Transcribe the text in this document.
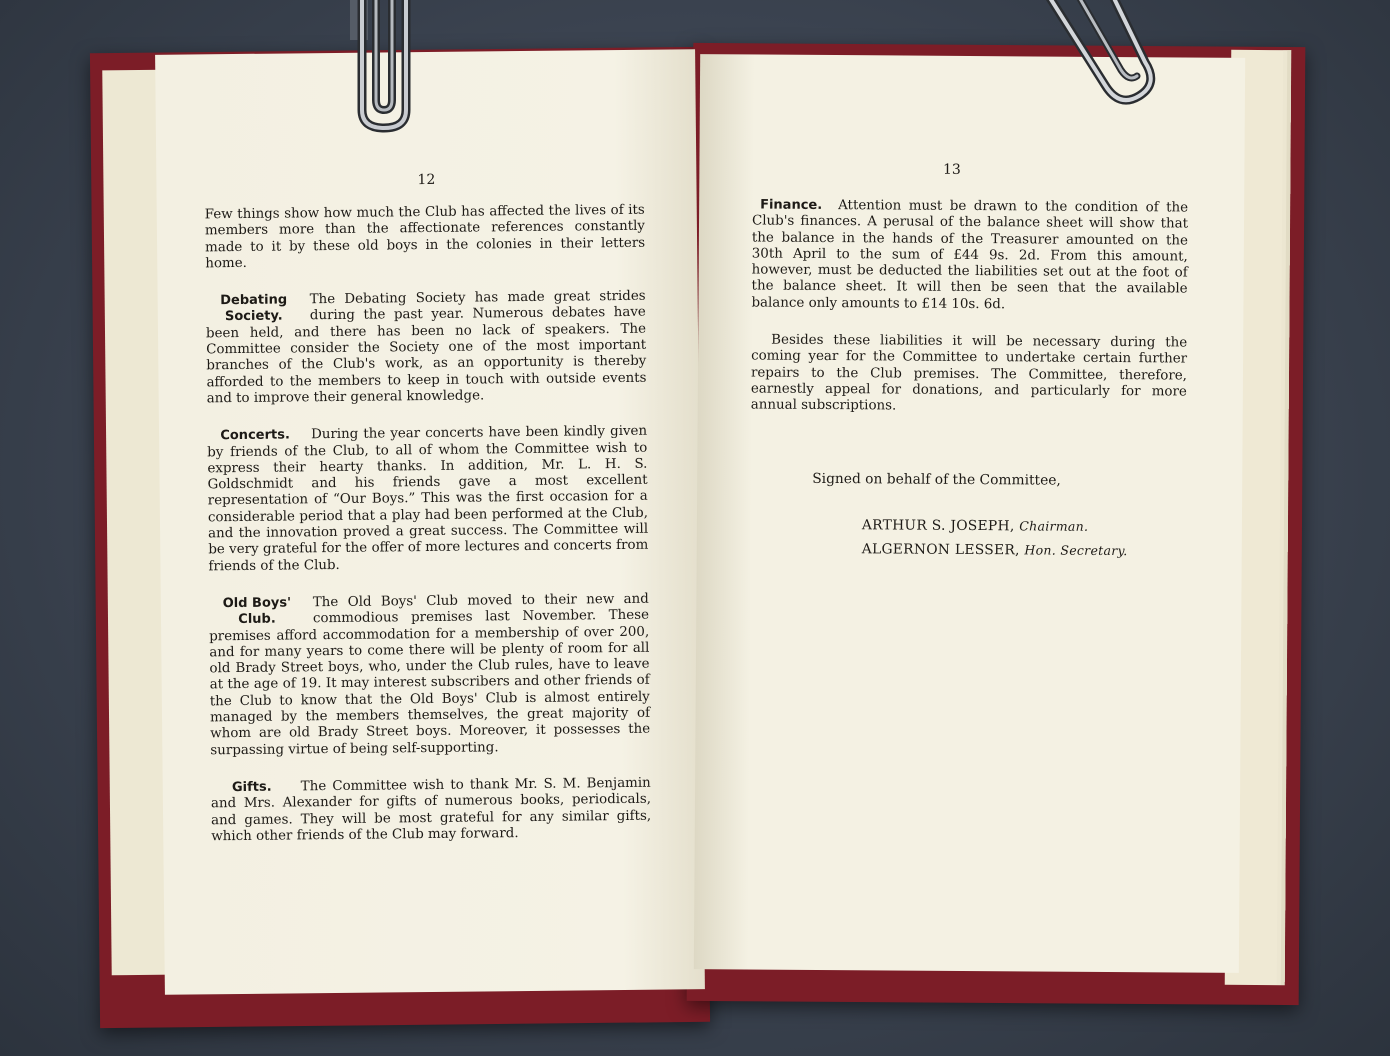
12

Few things show how much the Club has affected the lives of its members more than the affectionate references constantly made to it by these old boys in the colonies in their letters home.

Debating
Society.
The Debating Society has made great strides during the past year. Numerous debates have been held, and there has been no lack of speakers. The Committee consider the Society one of the most important branches of the Club's work, as an opportunity is thereby afforded to the members to keep in touch with outside events and to improve their general knowledge.
Concerts.	During the year concerts have been kindly given by friends of the Club, to all of whom the Committee wish to express their hearty thanks. In addition, Mr. L. H. S. Goldschmidt and his friends gave a most excellent representation of “Our Boys.” This was the first occasion for a considerable period that a play had been performed at the Club, and the innovation proved a great success. The Committee will be very grateful for the offer of more lectures and concerts from friends of the Club.
Old Boys'
Club.
The Old Boys' Club moved to their new and commodious premises last November. These premises afford accommodation for a membership of over 200, and for many years to come there will be plenty of room for all old Brady Street boys, who, under the Club rules, have to leave at the age of 19. It may interest subscribers and other friends of the Club to know that the Old Boys' Club is almost entirely managed by the members themselves, the great majority of whom are old Brady Street boys. Moreover, it possesses the surpassing virtue of being self-supporting.
Gifts.	The Committee wish to thank Mr. S. M. Benjamin and Mrs. Alexander for gifts of numerous books, periodicals, and games. They will be most grateful for any similar gifts, which other friends of the Club may forward.
13
Finance.	Attention must be drawn to the condition of the Club's finances. A perusal of the balance sheet will show that the balance in the hands of the Treasurer amounted on the 30th April to the sum of £44 9s. 2d. From this amount, however, must be deducted the liabilities set out at the foot of the balance sheet. It will then be seen that the available balance only amounts to £14 10s. 6d.

Besides these liabilities it will be necessary during the coming year for the Committee to undertake certain further repairs to the Club premises. The Committee, therefore, earnestly appeal for donations, and particularly for more annual subscriptions.

Signed on behalf of the Committee,
ARTHUR S. JOSEPH, Chairman.
ALGERNON LESSER, Hon. Secretary.
